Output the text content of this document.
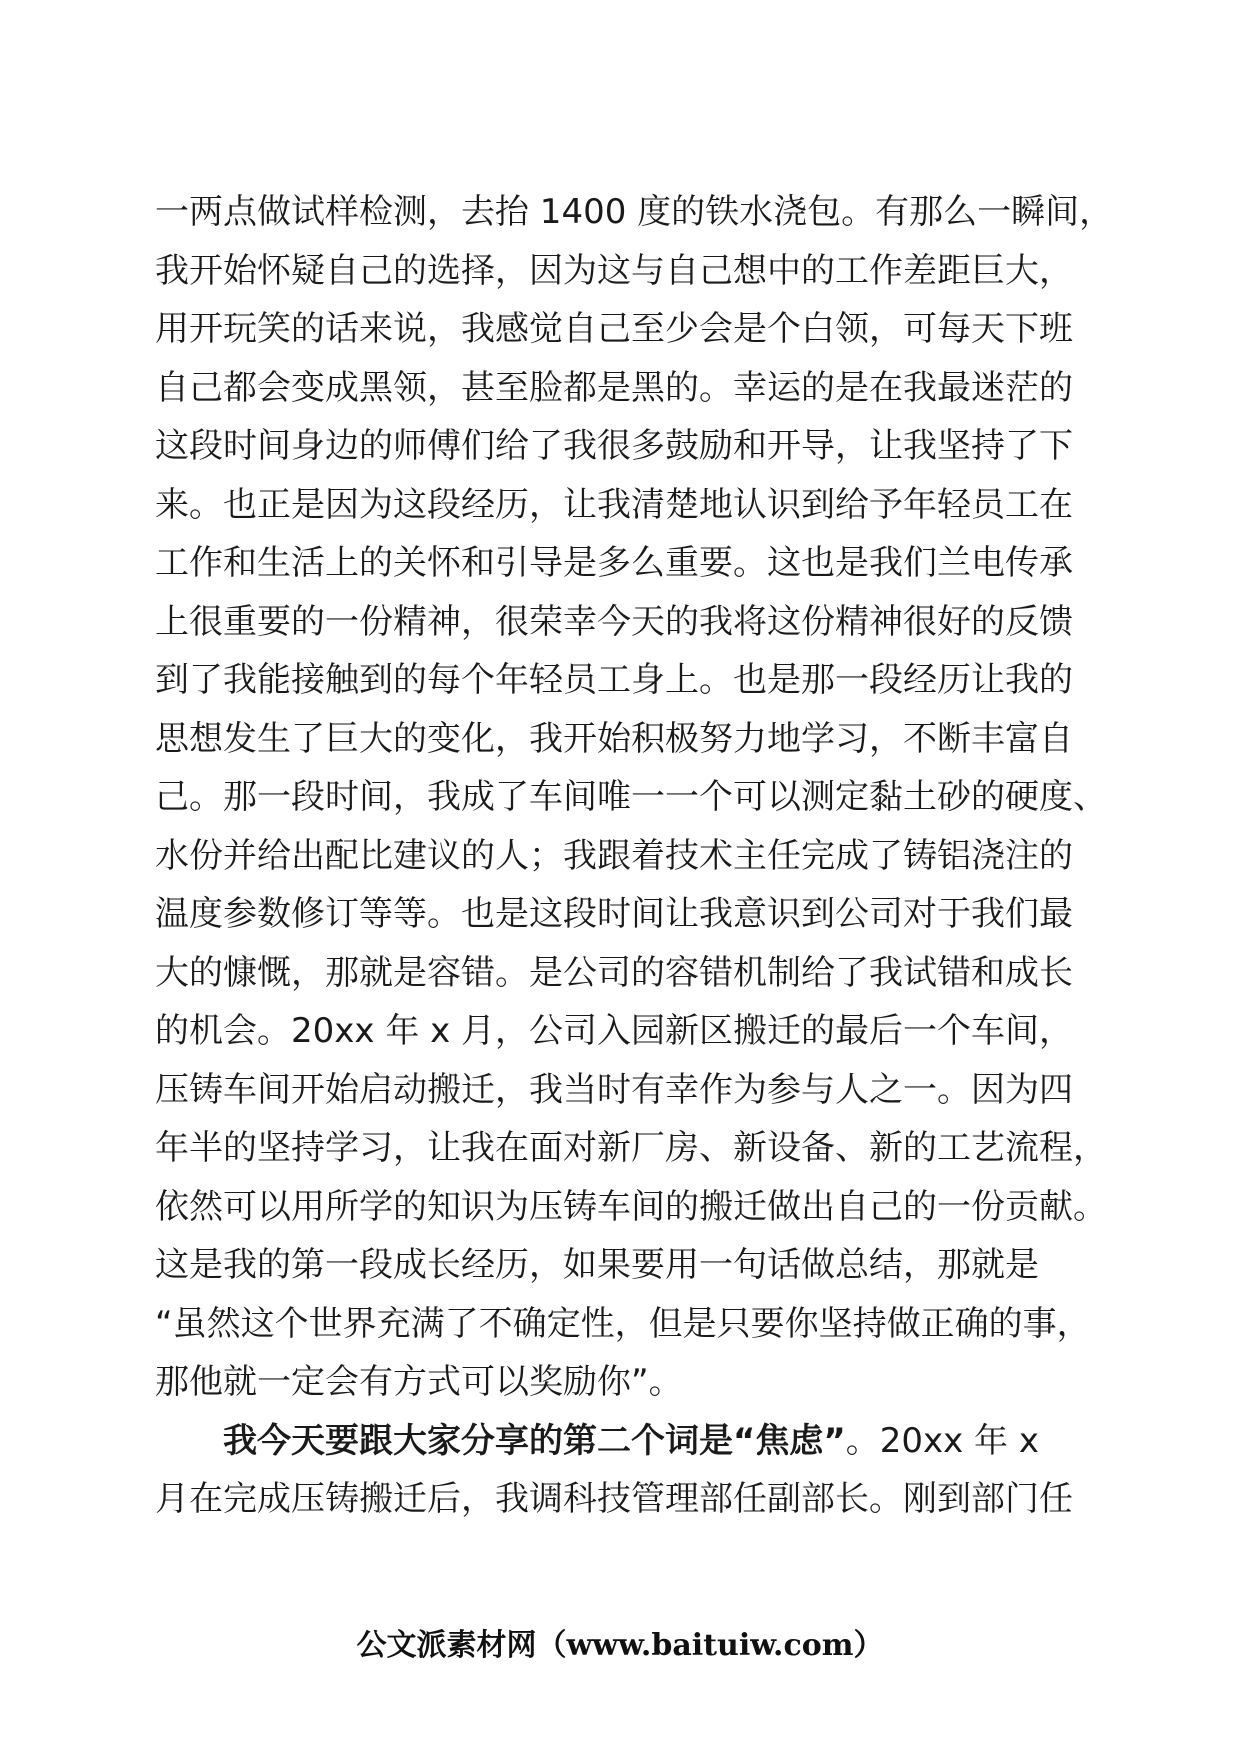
一两点做试样检测，去抬 1400 度的铁水浇包。有那么一瞬间，
我开始怀疑自己的选择，因为这与自己想中的工作差距巨大，
用开玩笑的话来说，我感觉自己至少会是个白领，可每天下班
自己都会变成黑领，甚至脸都是黑的。幸运的是在我最迷茫的
这段时间身边的师傅们给了我很多鼓励和开导，让我坚持了下
来。也正是因为这段经历，让我清楚地认识到给予年轻员工在
工作和生活上的关怀和引导是多么重要。这也是我们兰电传承
上很重要的一份精神，很荣幸今天的我将这份精神很好的反馈
到了我能接触到的每个年轻员工身上。也是那一段经历让我的
思想发生了巨大的变化，我开始积极努力地学习，不断丰富自
己。那一段时间，我成了车间唯一一个可以测定黏土砂的硬度、
水份并给出配比建议的人；我跟着技术主任完成了铸铝浇注的
温度参数修订等等。也是这段时间让我意识到公司对于我们最
大的慷慨，那就是容错。是公司的容错机制给了我试错和成长
的机会。20xx 年 x 月，公司入园新区搬迁的最后一个车间，
压铸车间开始启动搬迁，我当时有幸作为参与人之一。因为四
年半的坚持学习，让我在面对新厂房、新设备、新的工艺流程，
依然可以用所学的知识为压铸车间的搬迁做出自己的一份贡献。
这是我的第一段成长经历，如果要用一句话做总结，那就是
“虽然这个世界充满了不确定性，但是只要你坚持做正确的事，
那他就一定会有方式可以奖励你”。
我今天要跟大家分享的第二个词是“焦虑”。20xx 年 x
月在完成压铸搬迁后，我调科技管理部任副部长。刚到部门任
公文派素材网（www.baituiw.com）
